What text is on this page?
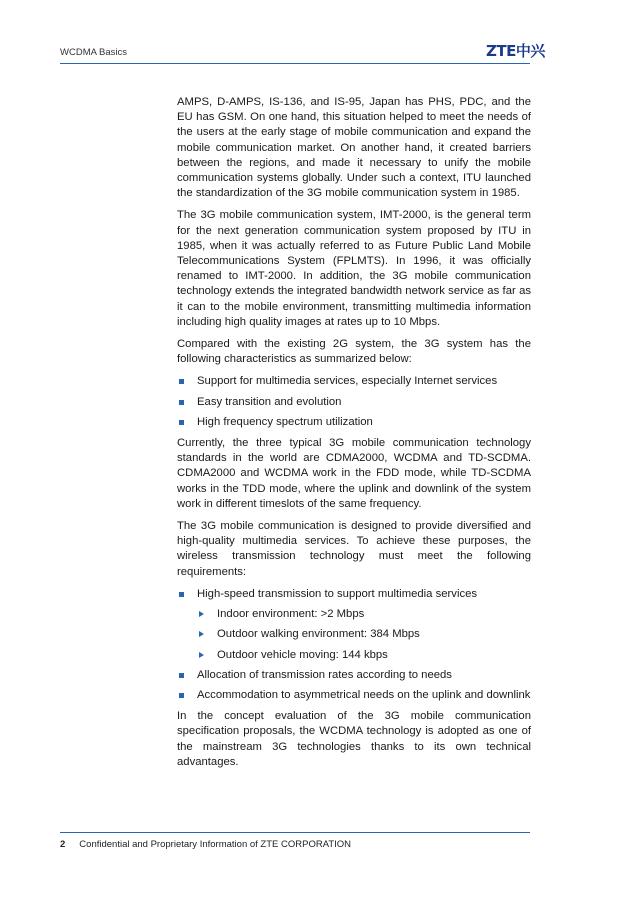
WCDMA Basics	ZTE中兴

AMPS, D-AMPS, IS-136, and IS-95, Japan has PHS, PDC, and the EU has GSM. On one hand, this situation helped to meet the needs of the users at the early stage of mobile communication and expand the mobile communication market. On another hand, it created barriers between the regions, and made it necessary to unify the mobile communication systems globally. Under such a context, ITU launched the standardization of the 3G mobile communication system in 1985.

The 3G mobile communication system, IMT-2000, is the general term for the next generation communication system proposed by ITU in 1985, when it was actually referred to as Future Public Land Mobile Telecommunications System (FPLMTS). In 1996, it was officially renamed to IMT-2000. In addition, the 3G mobile communication technology extends the integrated bandwidth network service as far as it can to the mobile environment, transmitting multimedia information including high quality images at rates up to 10 Mbps.

Compared with the existing 2G system, the 3G system has the following characteristics as summarized below:

Support for multimedia services, especially Internet services
Easy transition and evolution
High frequency spectrum utilization

Currently, the three typical 3G mobile communication technology standards in the world are CDMA2000, WCDMA and TD-SCDMA. CDMA2000 and WCDMA work in the FDD mode, while TD-SCDMA works in the TDD mode, where the uplink and downlink of the system work in different timeslots of the same frequency.

The 3G mobile communication is designed to provide diversified and high-quality multimedia services. To achieve these purposes, the wireless transmission technology must meet the following requirements:

High-speed transmission to support multimedia services
Indoor environment: >2 Mbps
Outdoor walking environment: 384 Mbps
Outdoor vehicle moving: 144 kbps
Allocation of transmission rates according to needs
Accommodation to asymmetrical needs on the uplink and downlink

In the concept evaluation of the 3G mobile communication specification proposals, the WCDMA technology is adopted as one of the mainstream 3G technologies thanks to its own technical advantages.

2 Confidential and Proprietary Information of ZTE CORPORATION
